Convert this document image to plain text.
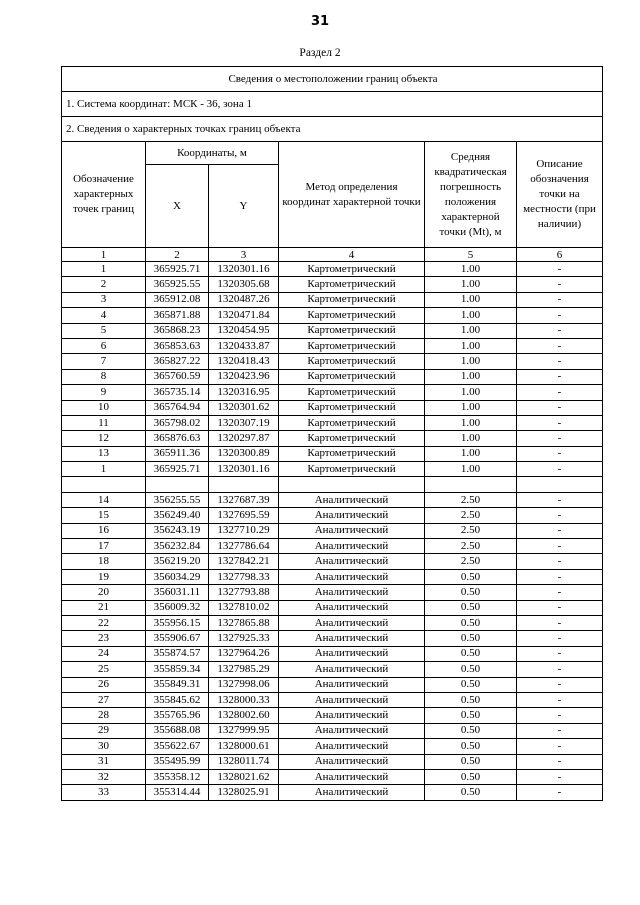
31
Раздел 2
Сведения о местоположении границ объекта					
1. Система координат: МСК - 36, зона 1					
2. Сведения о характерных точках границ объекта					
Обозначение характерных точек границ	Координаты, м		Метод определения координат характерной точки	Средняя квадратическая погрешность положения характерной точки (Mt), м	Описание обозначения точки на местности (при наличии)
	X	Y			
1	2	3	4	5	6
1	365925.71	1320301.16	Картометрический	1.00	-
2	365925.55	1320305.68	Картометрический	1.00	-
3	365912.08	1320487.26	Картометрический	1.00	-
4	365871.88	1320471.84	Картометрический	1.00	-
5	365868.23	1320454.95	Картометрический	1.00	-
6	365853.63	1320433.87	Картометрический	1.00	-
7	365827.22	1320418.43	Картометрический	1.00	-
8	365760.59	1320423.96	Картометрический	1.00	-
9	365735.14	1320316.95	Картометрический	1.00	-
10	365764.94	1320301.62	Картометрический	1.00	-
11	365798.02	1320307.19	Картометрический	1.00	-
12	365876.63	1320297.87	Картометрический	1.00	-
13	365911.36	1320300.89	Картометрический	1.00	-
1	365925.71	1320301.16	Картометрический	1.00	-

14	356255.55	1327687.39	Аналитический	2.50	-
15	356249.40	1327695.59	Аналитический	2.50	-
16	356243.19	1327710.29	Аналитический	2.50	-
17	356232.84	1327786.64	Аналитический	2.50	-
18	356219.20	1327842.21	Аналитический	2.50	-
19	356034.29	1327798.33	Аналитический	0.50	-
20	356031.11	1327793.88	Аналитический	0.50	-
21	356009.32	1327810.02	Аналитический	0.50	-
22	355956.15	1327865.88	Аналитический	0.50	-
23	355906.67	1327925.33	Аналитический	0.50	-
24	355874.57	1327964.26	Аналитический	0.50	-
25	355859.34	1327985.29	Аналитический	0.50	-
26	355849.31	1327998.06	Аналитический	0.50	-
27	355845.62	1328000.33	Аналитический	0.50	-
28	355765.96	1328002.60	Аналитический	0.50	-
29	355688.08	1327999.95	Аналитический	0.50	-
30	355622.67	1328000.61	Аналитический	0.50	-
31	355495.99	1328011.74	Аналитический	0.50	-
32	355358.12	1328021.62	Аналитический	0.50	-
33	355314.44	1328025.91	Аналитический	0.50	-
